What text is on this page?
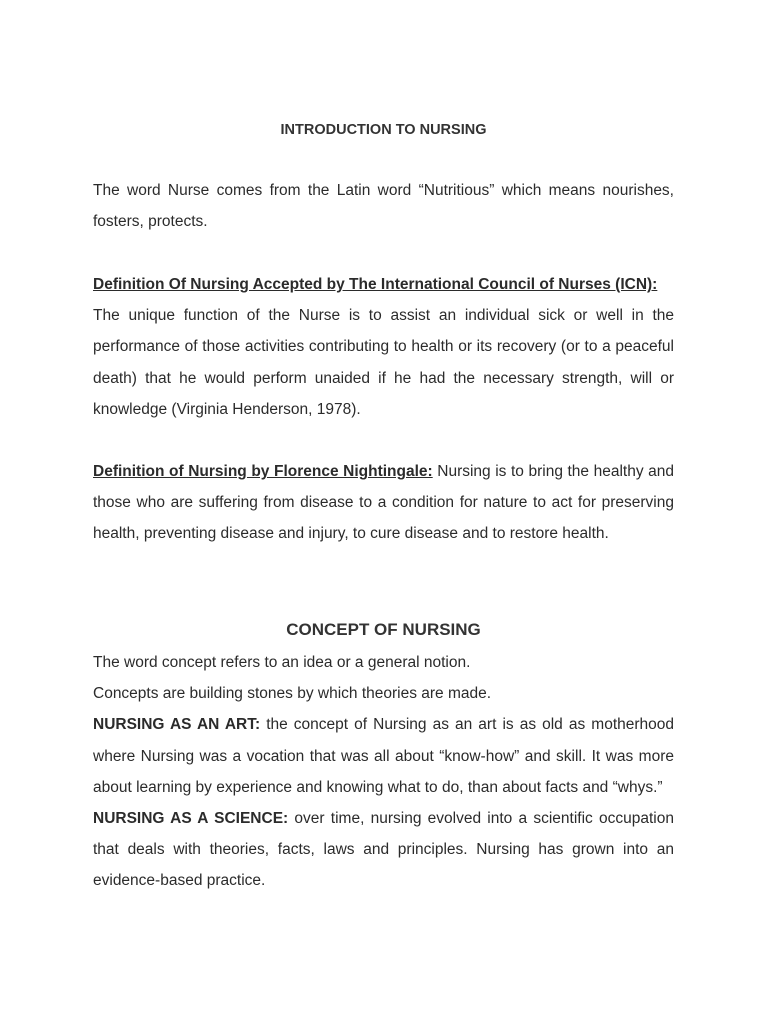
INTRODUCTION TO NURSING

The word Nurse comes from the Latin word “Nutritious” which means nourishes, fosters, protects.

Definition Of Nursing Accepted by The International Council of Nurses (ICN):
The unique function of the Nurse is to assist an individual sick or well in the performance of those activities contributing to health or its recovery (or to a peaceful death) that he would perform unaided if he had the necessary strength, will or knowledge (Virginia Henderson, 1978).

Definition of Nursing by Florence Nightingale: Nursing is to bring the healthy and those who are suffering from disease to a condition for nature to act for preserving health, preventing disease and injury, to cure disease and to restore health.

CONCEPT OF NURSING

The word concept refers to an idea or a general notion.
Concepts are building stones by which theories are made.
NURSING AS AN ART: the concept of Nursing as an art is as old as motherhood where Nursing was a vocation that was all about “know-how” and skill. It was more about learning by experience and knowing what to do, than about facts and “whys.”
NURSING AS A SCIENCE: over time, nursing evolved into a scientific occupation that deals with theories, facts, laws and principles. Nursing has grown into an evidence-based practice.
